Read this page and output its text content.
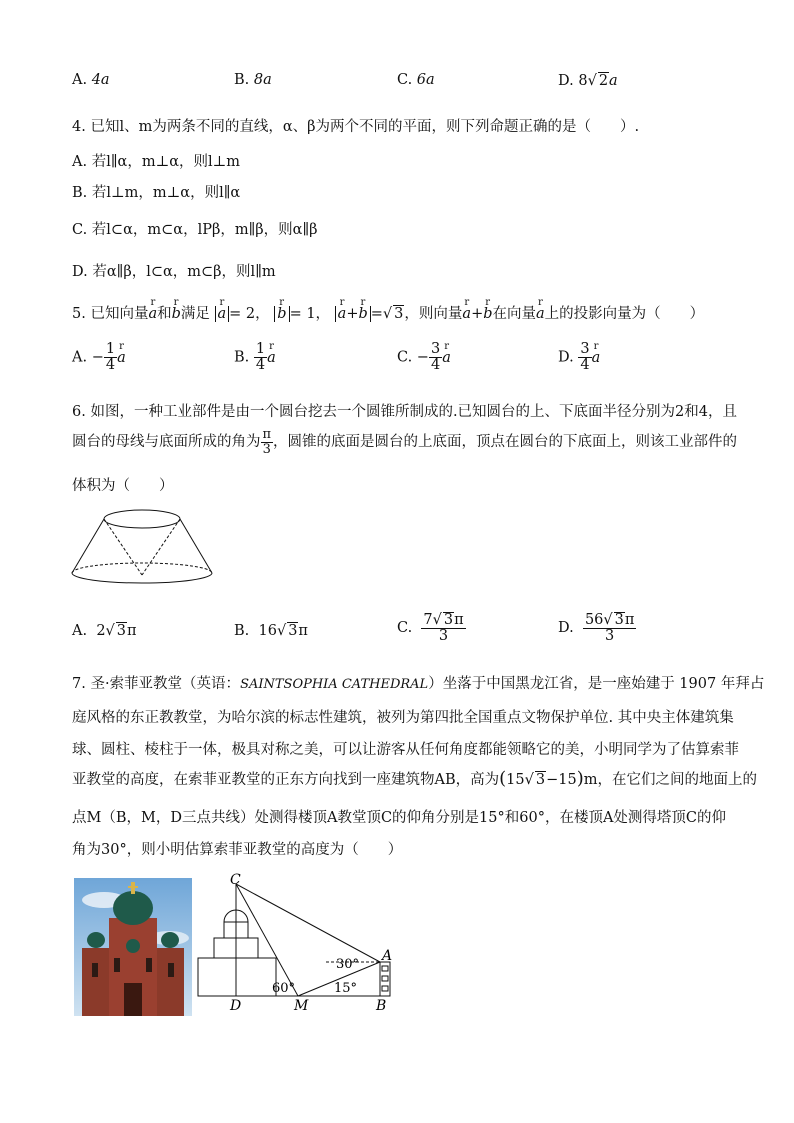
A. 4a	B. 8a	C. 6a	D. 8√ 2a
4. 已知l、m为两条不同的直线，α、β为两个不同的平面，则下列命题正确的是（　　）.
A. 若l∥α，m⊥α，则l⊥m
B. 若l⊥m，m⊥α，则l∥α
C. 若l⊂α，m⊂α，lPβ，m∥β，则α∥β
D. 若α∥β，l⊂α，m⊂β，则l∥m
5. 已知向量r a和r b满足 r a = 2， r b = 1， r a+r b =√ 3，则向量r a+r b在向量r a上的投影向量为（　　）
A. − $\frac{1}{4}$ r a	B. $\frac{1}{4}$ r a	C. − $\frac{3}{4}$ r a	D. $\frac{3}{4}$ r a
6. 如图，一种工业部件是由一个圆台挖去一个圆锥所制成的.已知圆台的上、下底面半径分别为2和4，且
圆台的母线与底面所成的角为 $\frac{\pi}{3}$ ，圆锥的底面是圆台的上底面，顶点在圆台的下底面上，则该工业部件的
体积为（　　）
A. 2√ 3π	B. 16√ 3π	C. $\frac{7√ 3\pi}{3}$	D. $\frac{56√ 3\pi}{3}$
7. 圣·索菲亚教堂（英语：SAINTSOPHIA CATHEDRAL）坐落于中国黑龙江省，是一座始建于 1907 年拜占
庭风格的东正教教堂，为哈尔滨的标志性建筑，被列为第四批全国重点文物保护单位. 其中央主体建筑集
球、圆柱、棱柱于一体，极具对称之美，可以让游客从任何角度都能领略它的美，小明同学为了估算索菲
亚教堂的高度，在索菲亚教堂的正东方向找到一座建筑物AB，高为(15√ 3−15)m，在它们之间的地面上的
点M（B，M，D三点共线）处测得楼顶A教堂顶C的仰角分别是15°和60°，在楼顶A处测得塔顶C的仰
角为30°，则小明估算索菲亚教堂的高度为（　　）
C
A
D	M	B
60°	15°
30°
